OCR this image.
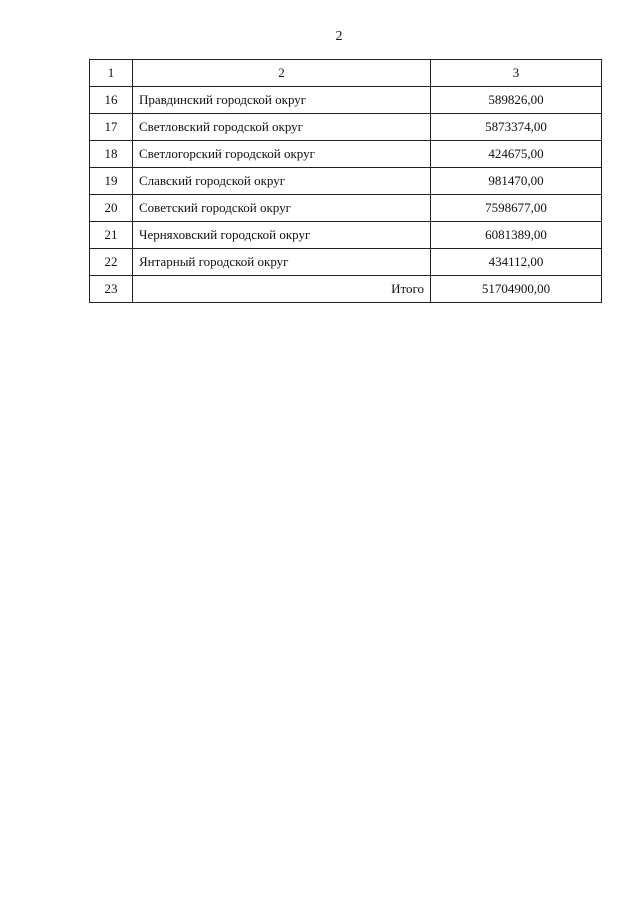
2
1	2	3
16	Правдинский городской округ	589826,00
17	Светловский городской округ	5873374,00
18	Светлогорский городской округ	424675,00
19	Славский городской округ	981470,00
20	Советский городской округ	7598677,00
21	Черняховский городской округ	6081389,00
22	Янтарный городской округ	434112,00
23	Итого	51704900,00
